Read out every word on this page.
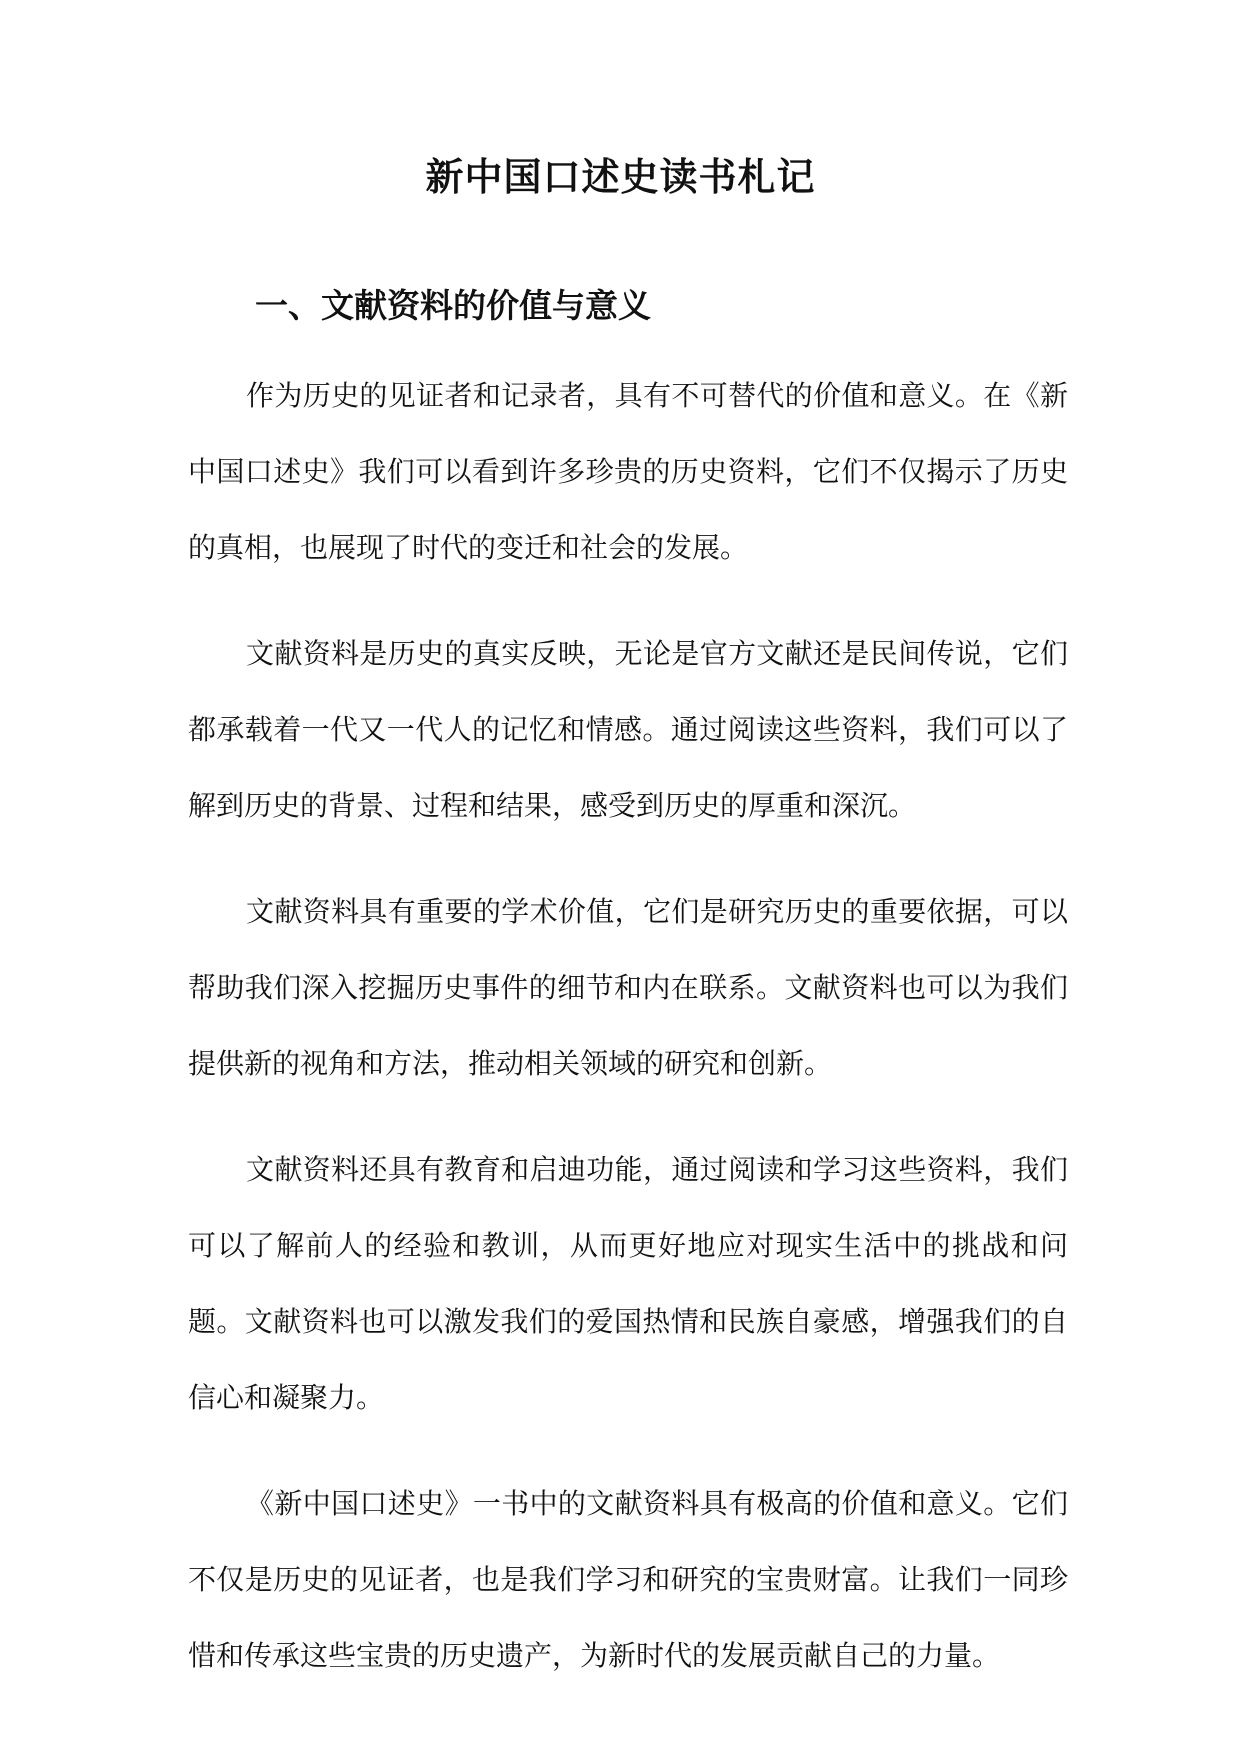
新中国口述史读书札记
一、文献资料的价值与意义

作为历史的见证者和记录者，具有不可替代的价值和意义。在《新中国口述史》我们可以看到许多珍贵的历史资料，它们不仅揭示了历史的真相，也展现了时代的变迁和社会的发展。

文献资料是历史的真实反映，无论是官方文献还是民间传说，它们都承载着一代又一代人的记忆和情感。通过阅读这些资料，我们可以了解到历史的背景、过程和结果，感受到历史的厚重和深沉。

文献资料具有重要的学术价值，它们是研究历史的重要依据，可以帮助我们深入挖掘历史事件的细节和内在联系。文献资料也可以为我们提供新的视角和方法，推动相关领域的研究和创新。

文献资料还具有教育和启迪功能，通过阅读和学习这些资料，我们可以了解前人的经验和教训，从而更好地应对现实生活中的挑战和问题。文献资料也可以激发我们的爱国热情和民族自豪感，增强我们的自信心和凝聚力。

《新中国口述史》一书中的文献资料具有极高的价值和意义。它们不仅是历史的见证者，也是我们学习和研究的宝贵财富。让我们一同珍惜和传承这些宝贵的历史遗产，为新时代的发展贡献自己的力量。
